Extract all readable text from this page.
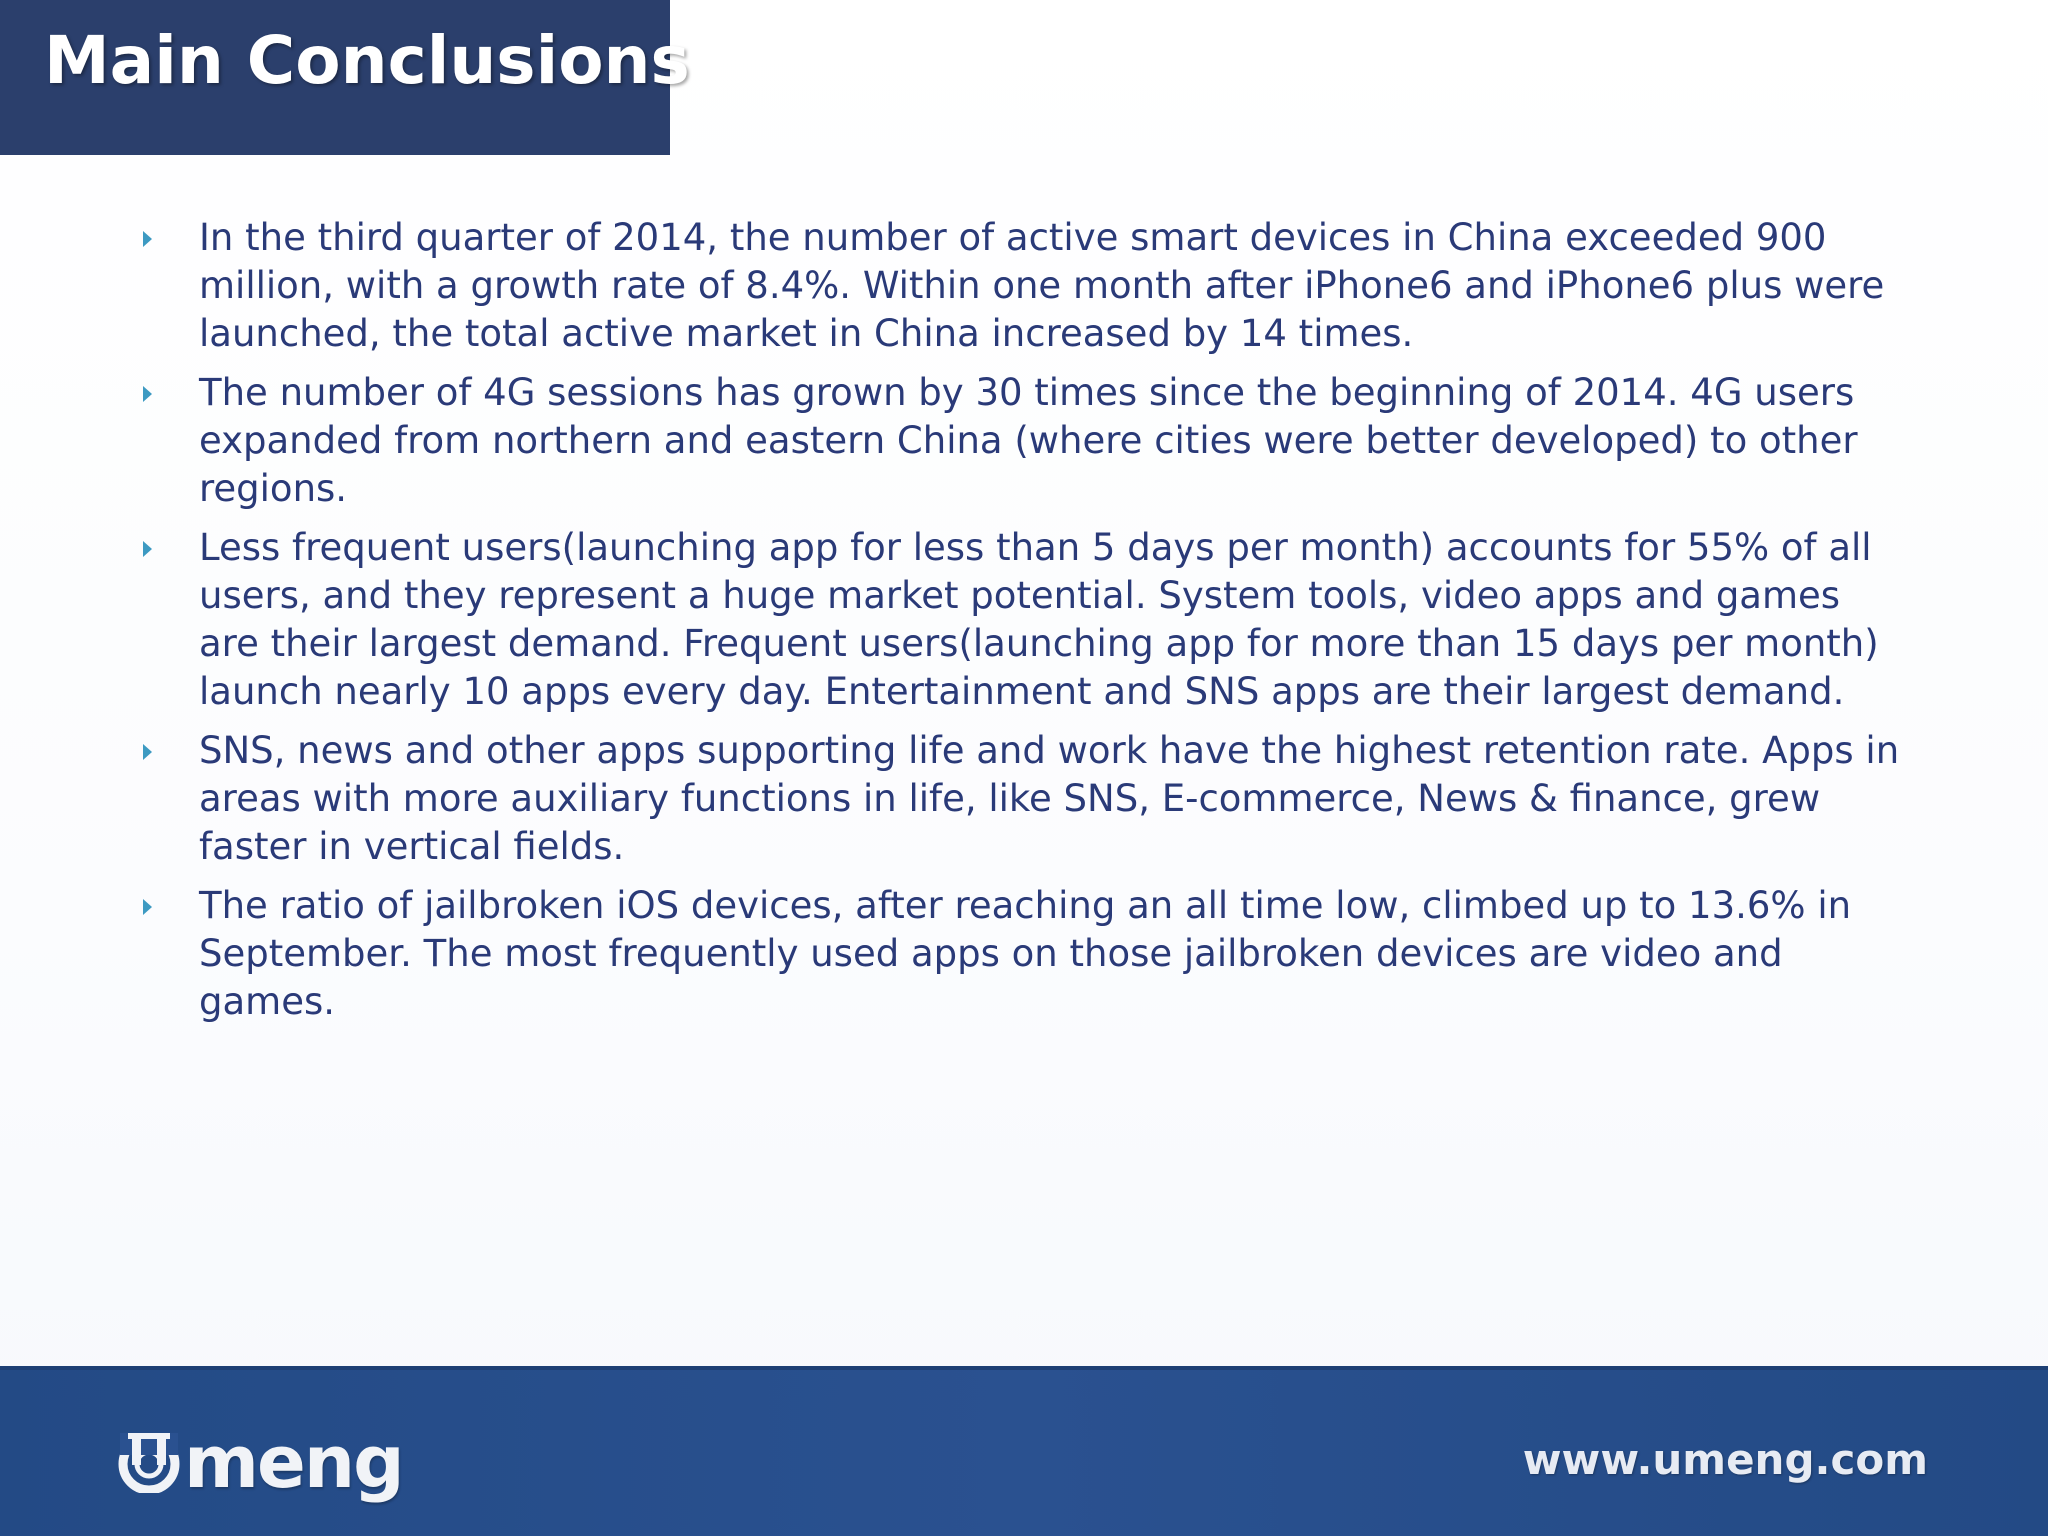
Main Conclusions
In the third quarter of 2014, the number of active smart devices in China exceeded 900 million, with a growth rate of 8.4%. Within one month after iPhone6 and iPhone6 plus were launched, the total active market in China increased by 14 times.
The number of 4G sessions has grown by 30 times since the beginning of 2014. 4G users expanded from northern and eastern China (where cities were better developed) to other regions.
Less frequent users(launching app for less than 5 days per month) accounts for 55% of all users, and they represent a huge market potential. System tools, video apps and games are their largest demand. Frequent users(launching app for more than 15 days per month) launch nearly 10 apps every day. Entertainment and SNS apps are their largest demand.
SNS, news and other apps supporting life and work have the highest retention rate. Apps in areas with more auxiliary functions in life, like SNS, E-commerce, News & finance, grew faster in vertical fields.
The ratio of jailbroken iOS devices, after reaching an all time low, climbed up to 13.6% in September. The most frequently used apps on those jailbroken devices are video and games.
meng	www.umeng.com
